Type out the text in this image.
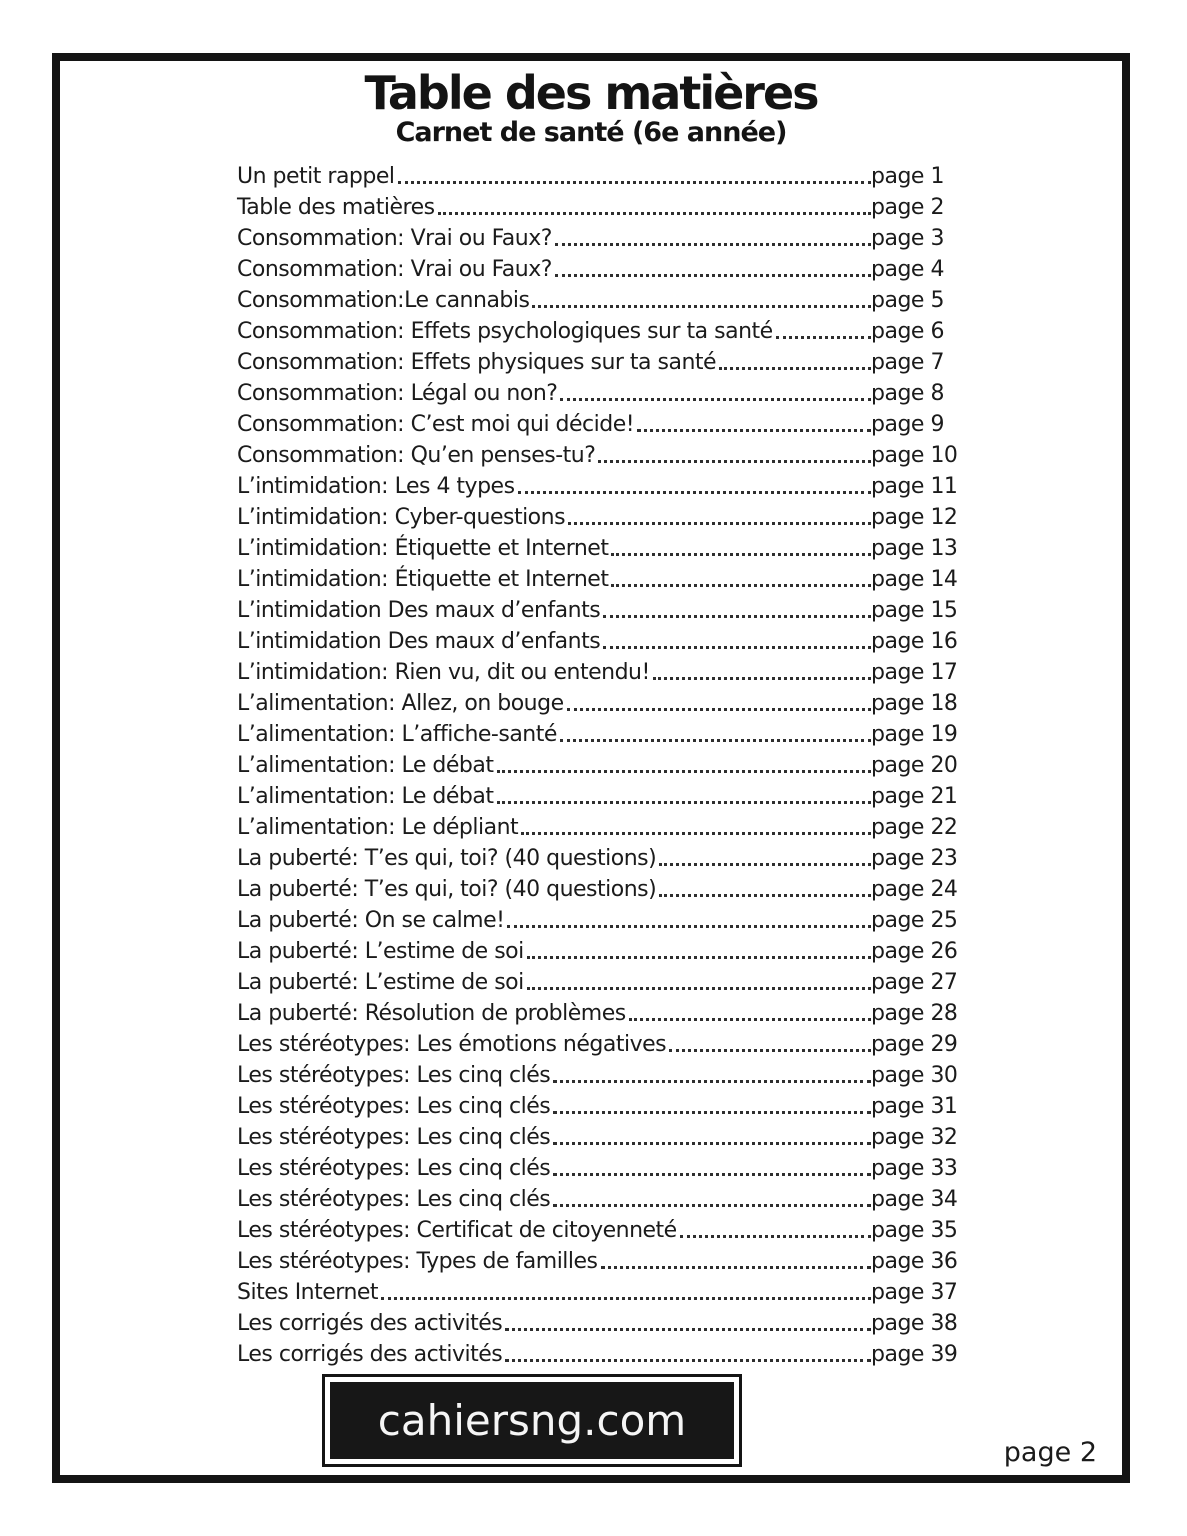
Table des matières
Carnet de santé (6e année)
Un petit rappel	page 1
Table des matières	page 2
Consommation: Vrai ou Faux?	page 3
Consommation: Vrai ou Faux?	page 4
Consommation:Le cannabis	page 5
Consommation: Effets psychologiques sur ta santé	page 6
Consommation: Effets physiques sur ta santé	page 7
Consommation: Légal ou non?	page 8
Consommation: C’est moi qui décide!	page 9
Consommation: Qu’en penses-tu?	page 10
L’intimidation: Les 4 types	page 11
L’intimidation: Cyber-questions	page 12
L’intimidation: Étiquette et Internet	page 13
L’intimidation: Étiquette et Internet	page 14
L’intimidation Des maux d’enfants	page 15
L’intimidation Des maux d’enfants	page 16
L’intimidation: Rien vu, dit ou entendu!	page 17
L’alimentation: Allez, on bouge	page 18
L’alimentation: L’affiche-santé	page 19
L’alimentation: Le débat	page 20
L’alimentation: Le débat	page 21
L’alimentation: Le dépliant	page 22
La puberté: T’es qui, toi? (40 questions)	page 23
La puberté: T’es qui, toi? (40 questions)	page 24
La puberté: On se calme!	page 25
La puberté: L’estime de soi	page 26
La puberté: L’estime de soi	page 27
La puberté: Résolution de problèmes	page 28
Les stéréotypes: Les émotions négatives	page 29
Les stéréotypes: Les cinq clés	page 30
Les stéréotypes: Les cinq clés	page 31
Les stéréotypes: Les cinq clés	page 32
Les stéréotypes: Les cinq clés	page 33
Les stéréotypes: Les cinq clés	page 34
Les stéréotypes: Certificat de citoyenneté	page 35
Les stéréotypes: Types de familles	page 36
Sites Internet	page 37
Les corrigés des activités	page 38
Les corrigés des activités	page 39
cahiersng.com
page 2
